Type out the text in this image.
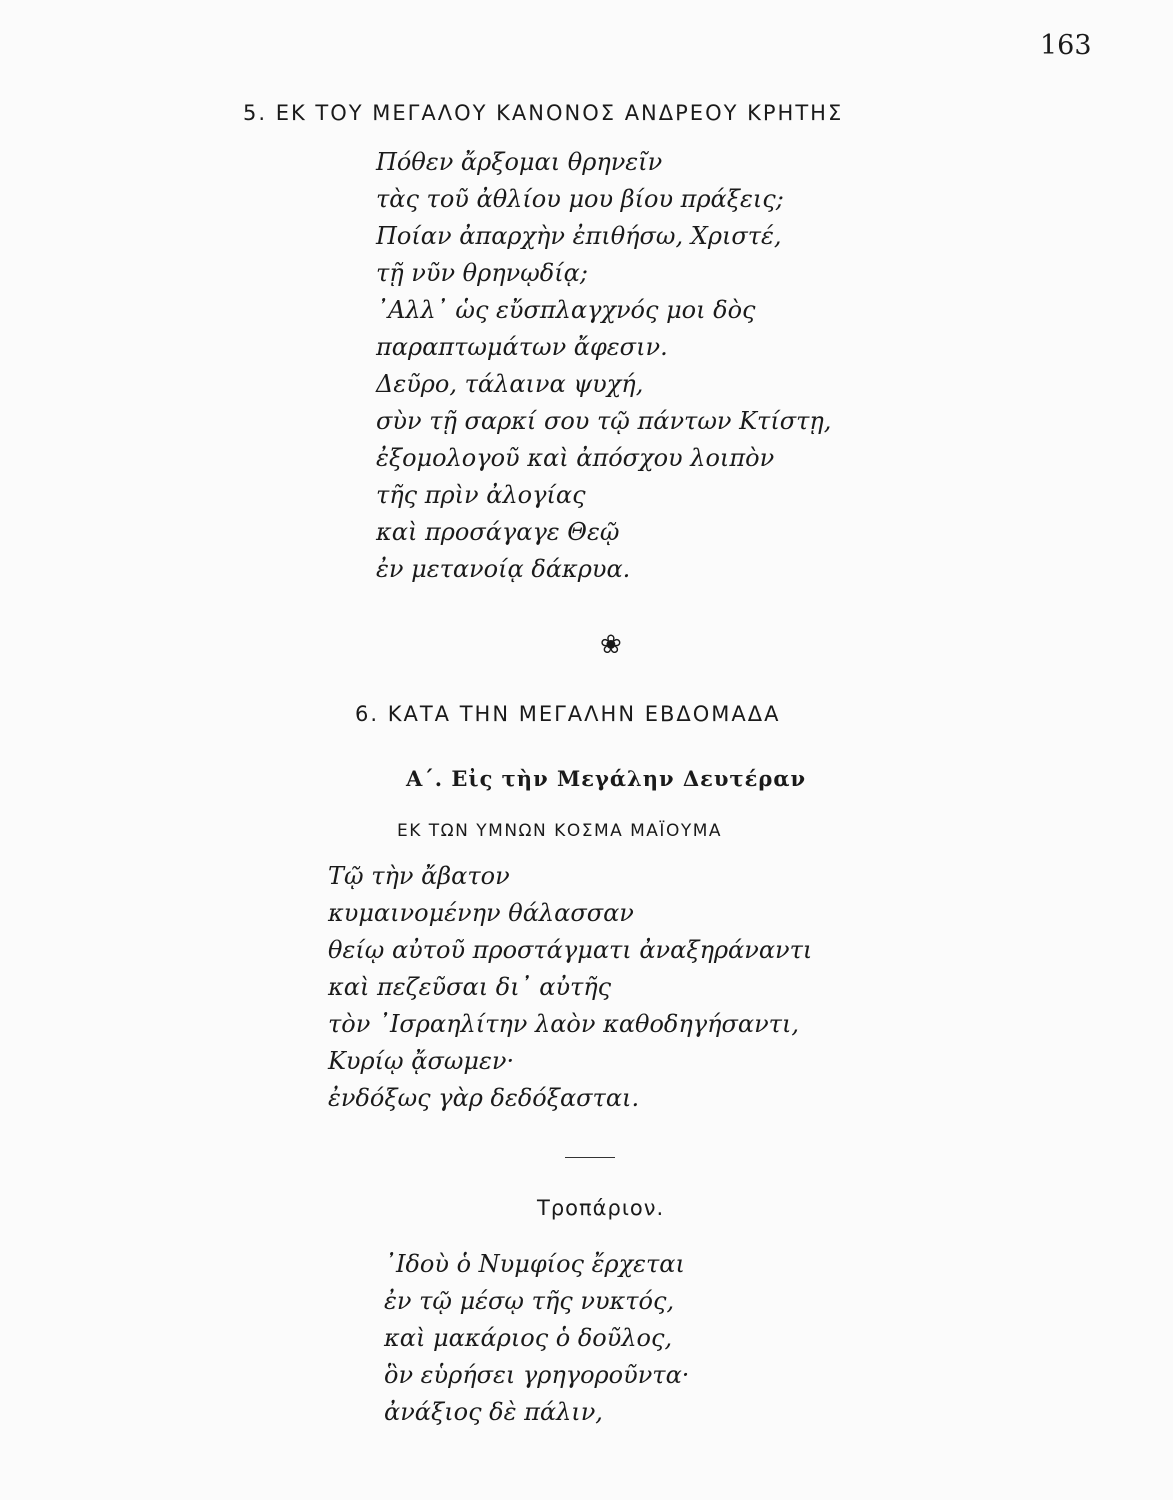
163
5. ΕΚ ΤΟΥ ΜΕΓΑΛΟΥ ΚΑΝΟΝΟΣ ΑΝΔΡΕΟΥ ΚΡΗΤΗΣ
Πόθεν ἄρξομαι θρηνεῖν
τὰς τοῦ ἀθλίου μου βίου πράξεις;
Ποίαν ἀπαρχὴν ἐπιθήσω, Χριστέ,
τῇ νῦν θρηνῳδίᾳ;
᾿Αλλ᾿ ὡς εὔσπλαγχνός μοι δὸς
παραπτωμάτων ἄφεσιν.
Δεῦρο, τάλαινα ψυχή,
σὺν τῇ σαρκί σου τῷ πάντων Κτίστῃ,
ἐξομολογοῦ καὶ ἀπόσχου λοιπὸν
τῆς πρὶν ἀλογίας
καὶ προσάγαγε Θεῷ
ἐν μετανοίᾳ δάκρυα.
❀
6. ΚΑΤΑ ΤΗΝ ΜΕΓΑΛΗΝ ΕΒΔΟΜΑΔΑ
Α΄. Εἰς τὴν Μεγάλην Δευτέραν
ΕΚ ΤΩΝ ΥΜΝΩΝ ΚΟΣΜΑ ΜΑΪΟΥΜΑ
Τῷ τὴν ἄβατον
κυμαινομένην θάλασσαν
θείῳ αὐτοῦ προστάγματι ἀναξηράναντι
καὶ πεζεῦσαι δι᾿ αὐτῆς
τὸν ᾿Ισραηλίτην λαὸν καθοδηγήσαντι,
Κυρίῳ ᾄσωμεν·
ἐνδόξως γὰρ δεδόξασται.
Τροπάριον.
᾿Ιδοὺ ὁ Νυμφίος ἔρχεται
ἐν τῷ μέσῳ τῆς νυκτός,
καὶ μακάριος ὁ δοῦλος,
ὃν εὑρήσει γρηγοροῦντα·
ἀνάξιος δὲ πάλιν,
